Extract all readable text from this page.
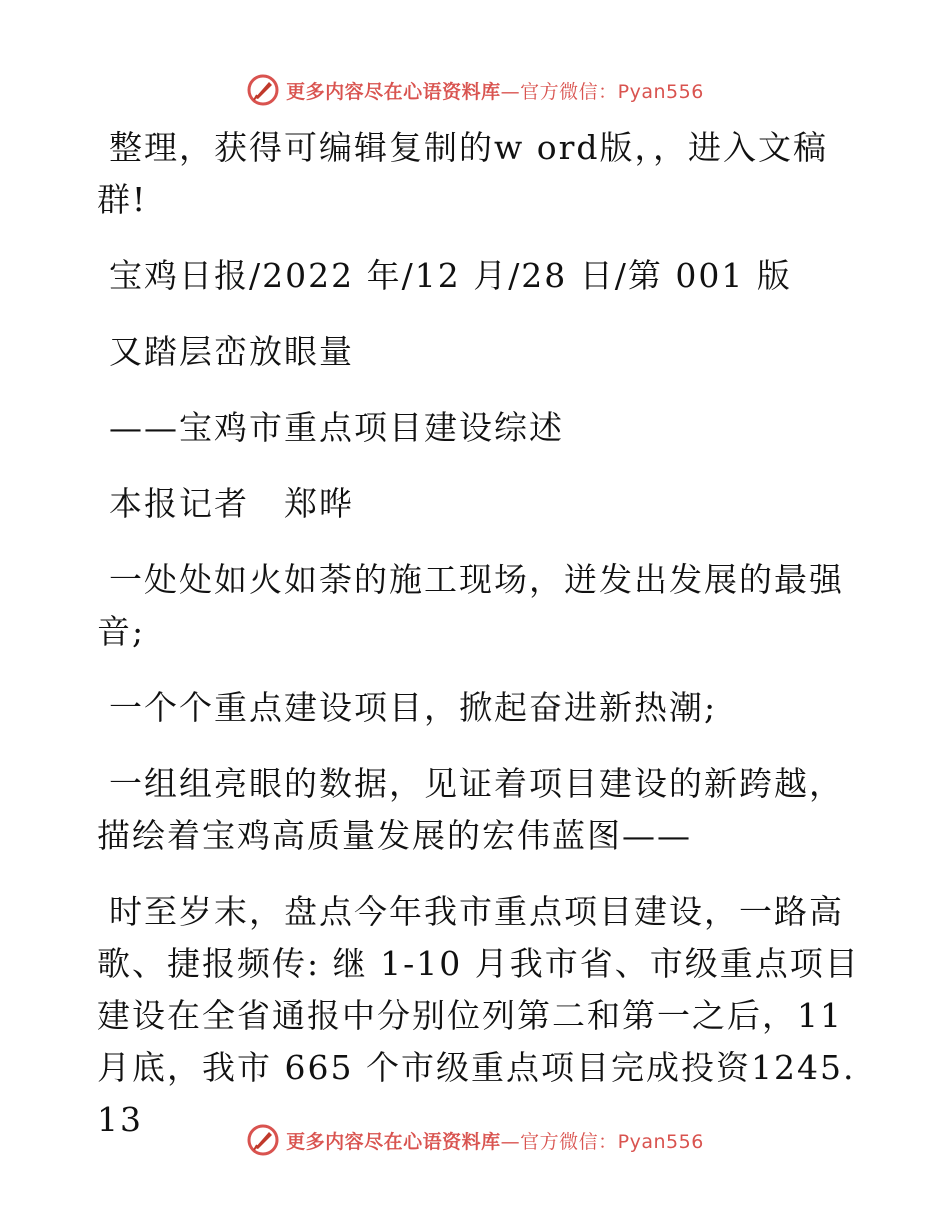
更多内容尽在心语资料库—官方微信：Pyan556

整理，获得可编辑复制的w ord版，，进入文稿
群!

宝鸡日报/2022 年/12 月/28 日/第 001 版

又踏层峦放眼量

——宝鸡市重点项目建设综述

本报记者　郑晔

一处处如火如荼的施工现场，迸发出发展的最强
音;

一个个重点建设项目，掀起奋进新热潮;

一组组亮眼的数据，见证着项目建设的新跨越，
描绘着宝鸡高质量发展的宏伟蓝图——

时至岁末，盘点今年我市重点项目建设，一路高
歌、捷报频传: 继 1-10 月我市省、市级重点项目
建设在全省通报中分别位列第二和第一之后，11
月底，我市 665 个市级重点项目完成投资1245.13

更多内容尽在心语资料库—官方微信：Pyan556
